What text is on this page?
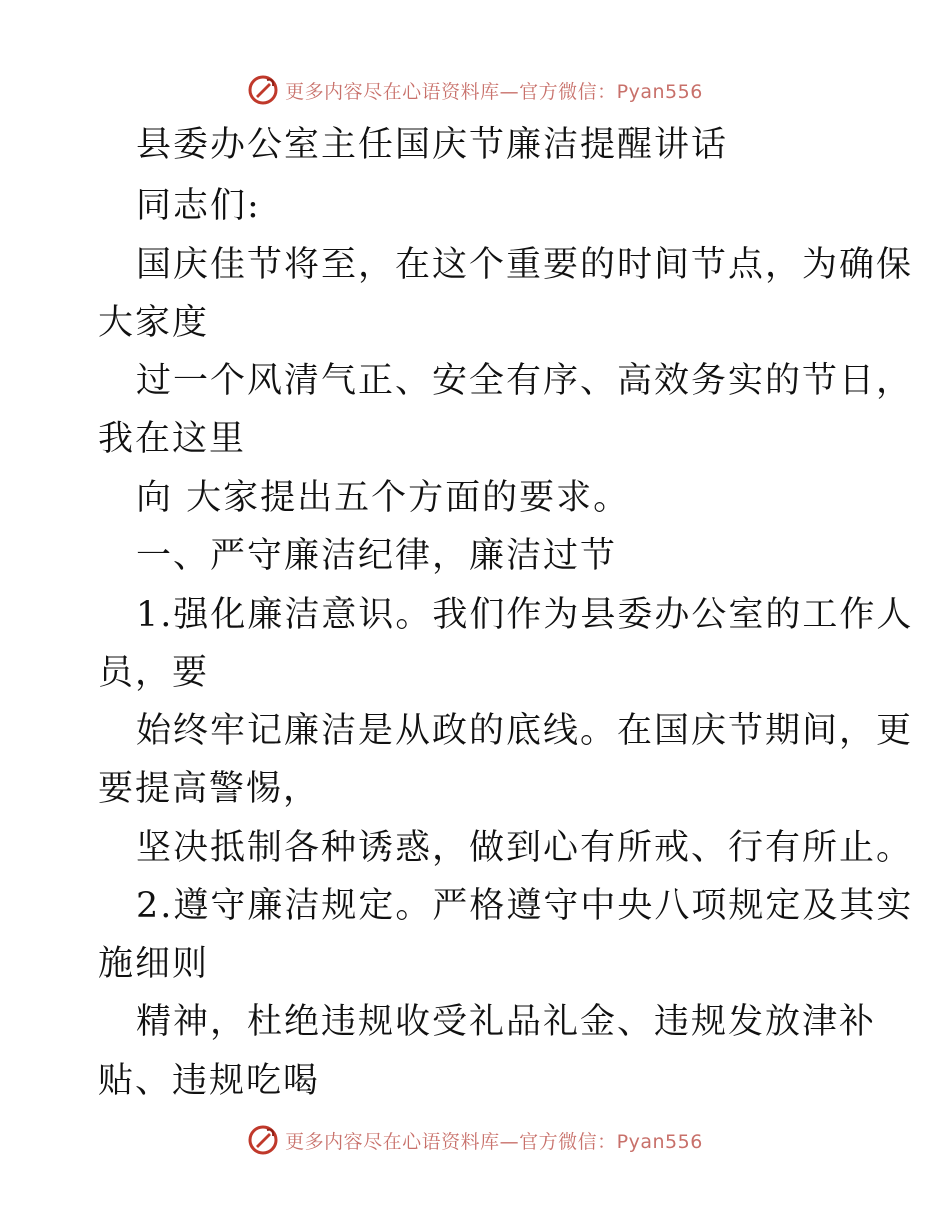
更多内容尽在心语资料库—官方微信：Pyan556
县委办公室主任国庆节廉洁提醒讲话
同志们:
国庆佳节将至，在这个重要的时间节点，为确保
大家度
过一个风清气正、安全有序、高效务实的节日，
我在这里
向 大家提出五个方面的要求。
一、严守廉洁纪律，廉洁过节
1.强化廉洁意识。我们作为县委办公室的工作人
员，要
始终牢记廉洁是从政的底线。在国庆节期间，更
要提高警惕，
坚决抵制各种诱惑，做到心有所戒、行有所止。
2.遵守廉洁规定。严格遵守中央八项规定及其实
施细则
精神，杜绝违规收受礼品礼金、违规发放津补
贴、违规吃喝
更多内容尽在心语资料库—官方微信：Pyan556
